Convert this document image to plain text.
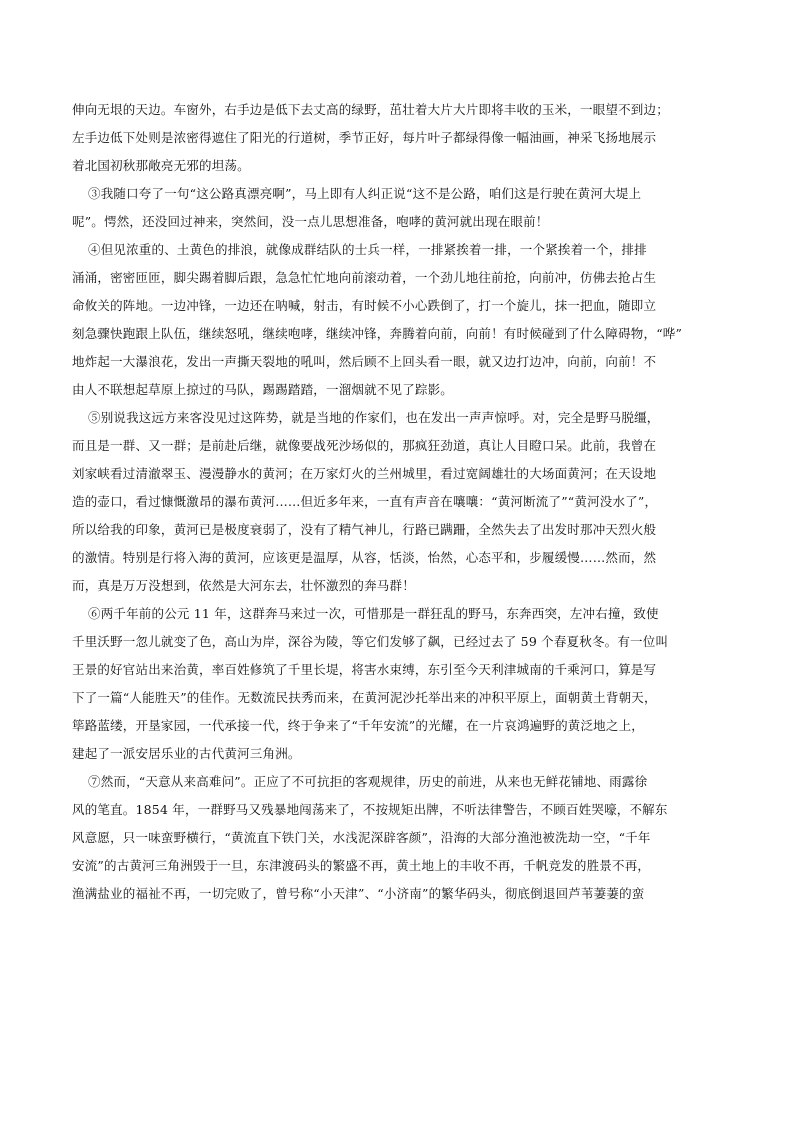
伸向无垠的天边。车窗外，右手边是低下去丈高的绿野，茁壮着大片大片即将丰收的玉米，一眼望不到边；
左手边低下处则是浓密得遮住了阳光的行道树，季节正好，每片叶子都绿得像一幅油画，神采飞扬地展示
着北国初秋那敞亮无邪的坦荡。
③我随口夸了一句“这公路真漂亮啊”，马上即有人纠正说“这不是公路，咱们这是行驶在黄河大堤上
呢”。愕然，还没回过神来，突然间，没一点儿思想准备，咆哮的黄河就出现在眼前！
④但见浓重的、土黄色的排浪，就像成群结队的士兵一样，一排紧挨着一排，一个紧挨着一个，排排
涌涌，密密匝匝，脚尖踢着脚后跟，急急忙忙地向前滚动着，一个劲儿地往前抢，向前冲，仿佛去抢占生
命攸关的阵地。一边冲锋，一边还在呐喊，射击，有时候不小心跌倒了，打一个旋儿，抹一把血，随即立
刻急骤快跑跟上队伍，继续怒吼，继续咆哮，继续冲锋，奔腾着向前，向前！有时候碰到了什么障碍物，“哗”
地炸起一大瀑浪花，发出一声撕天裂地的吼叫，然后顾不上回头看一眼，就又边打边冲，向前，向前！不
由人不联想起草原上掠过的马队，踢踢踏踏，一溜烟就不见了踪影。
⑤别说我这远方来客没见过这阵势，就是当地的作家们，也在发出一声声惊呼。对，完全是野马脱缰，
而且是一群、又一群；是前赴后继，就像要战死沙场似的，那疯狂劲道，真让人目瞪口呆。此前，我曾在
刘家峡看过清澈翠玉、漫漫静水的黄河；在万家灯火的兰州城里，看过宽阔雄壮的大场面黄河；在天设地
造的壶口，看过慷慨激昂的瀑布黄河……但近多年来，一直有声音在嚷嚷：“黄河断流了”“黄河没水了”，
所以给我的印象，黄河已是极度衰弱了，没有了精气神儿，行路已蹒跚，全然失去了出发时那冲天烈火般
的激情。特别是行将入海的黄河，应该更是温厚，从容，恬淡，怡然，心态平和，步履缓慢……然而，然
而，真是万万没想到，依然是大河东去，壮怀激烈的奔马群！
⑥两千年前的公元 11 年，这群奔马来过一次，可惜那是一群狂乱的野马，东奔西突，左冲右撞，致使
千里沃野一忽儿就变了色，高山为岸，深谷为陵，等它们发够了飙，已经过去了 59 个春夏秋冬。有一位叫
王景的好官站出来治黄，率百姓修筑了千里长堤，将害水束缚，东引至今天利津城南的千乘河口，算是写
下了一篇“人能胜天”的佳作。无数流民扶秀而来，在黄河泥沙托举出来的冲积平原上，面朝黄土背朝天，
筚路蓝缕，开垦家园，一代承接一代，终于争来了“千年安流”的光耀，在一片哀鸿遍野的黄泛地之上，
建起了一派安居乐业的古代黄河三角洲。
⑦然而，“天意从来高难问”。正应了不可抗拒的客观规律，历史的前进，从来也无鲜花铺地、雨露徐
风的笔直。1854 年，一群野马又残暴地闯荡来了，不按规矩出牌，不听法律警告，不顾百姓哭嚎，不解东
风意愿，只一味蛮野横行，“黄流直下铁门关，水浅泥深辟客颜”，沿海的大部分渔池被洗劫一空，“千年
安流”的古黄河三角洲毁于一旦，东津渡码头的繁盛不再，黄土地上的丰收不再，千帆竞发的胜景不再，
渔满盐业的福祉不再，一切完败了，曾号称“小天津”、“小济南”的繁华码头，彻底倒退回芦苇萋萋的蛮
